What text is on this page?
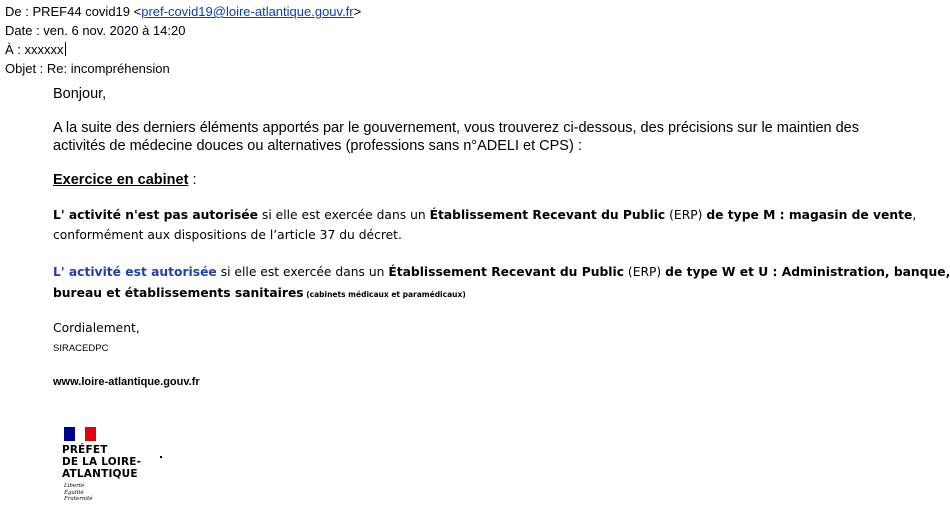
De : PREF44 covid19 <pref-covid19@loire-atlantique.gouv.fr>
Date : ven. 6 nov. 2020 à 14:20
À : xxxxxx
Objet : Re: incompréhension
Bonjour,
A la suite des derniers éléments apportés par le gouvernement, vous trouverez ci-dessous, des précisions sur le maintien des
activités de médecine douces ou alternatives (professions sans n°ADELI et CPS) :
Exercice en cabinet :
L' activité n'est pas autorisée si elle est exercée dans un Établissement Recevant du Public (ERP) de type M : magasin de vente,
conformément aux dispositions de l’article 37 du décret.
L' activité est autorisée si elle est exercée dans un Établissement Recevant du Public (ERP) de type W et U : Administration, banque,
bureau et établissements sanitaires (cabinets médicaux et paramédicaux)
Cordialement,
SIRACEDPC
www.loire-atlantique.gouv.fr
PRÉFET
DE LA LOIRE-
ATLANTIQUE
Liberté
Égalité
Fraternité
